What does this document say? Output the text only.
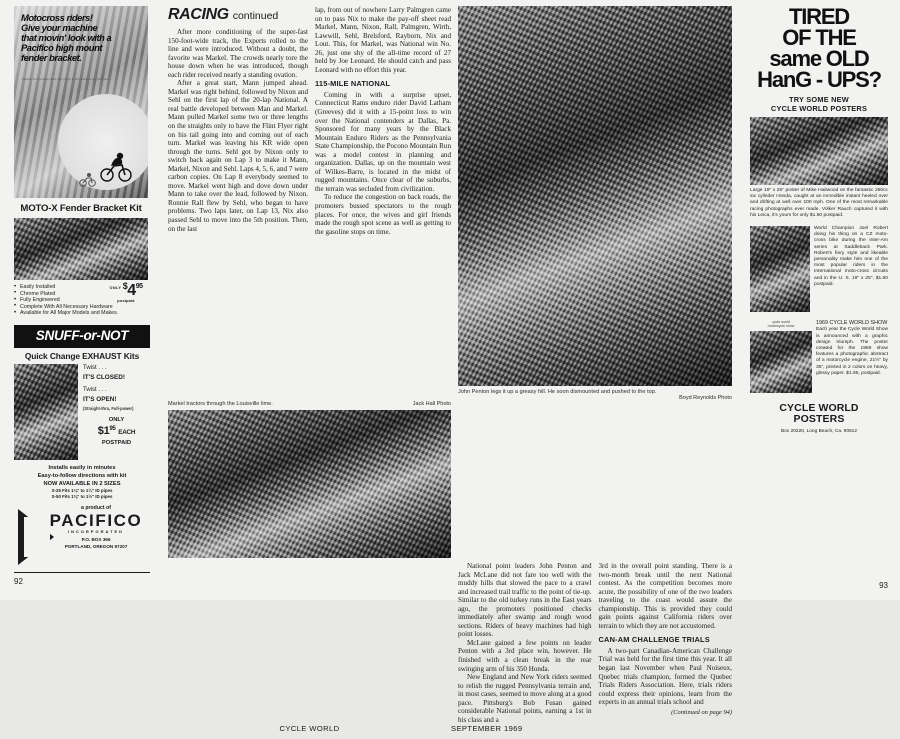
Motocross riders!
Give your machine
that movin' look with a
Pacifico high mount
fender bracket.
Pacifico Incorporated offers high mount fender brackets for motocross
MOTO-X Fender Bracket Kit
• Easily Installed
• Chrome Plated
• Fully Engineered
• Complete With All Necessary Hardware
• Available for All Major Models and Makes.
ONLY $^{\$}4^{95}$
postpaid
SNUFF-or-NOT
Quick Change EXHAUST Kits
Twist . . .
IT'S CLOSED!
Twist . . .
IT'S OPEN!
(Straight-thru, Full-power)
ONLY
$\$1^{95}$ EACH
POSTPAID
Installs easily in minutes
Easy-to-follow directions with kit
NOW AVAILABLE IN 2 SIZES
S-25 Fits 1⅛" to 1¼" ID pipes
S-50 Fits 1⅜" to 1½" ID pipes
a product of
PACIFICO
INCORPORATED
P.O. BOX 366
PORTLAND, OREGON 97207
92
RACING continued

After more conditioning of the super-fast 150-foot-wide track, the Experts rolled to the line and were introduced. Without a doubt, the favorite was Markel. The crowds nearly tore the house down when he was introduced, though each rider received nearly a standing ovation.

After a great start, Mann jumped ahead. Markel was right behind, followed by Nixon and Sehl on the first lap of the 20-lap National. A real battle developed between Man and Markel. Mann pulled Markel some two or three lengths on the straights only to have the Flint Flyer right on his tail going into and coming out of each turn. Markel was leaving his KR wide open through the turns. Sehl got by Nixon only to switch back again on Lap 3 to make it Mann, Markel, Nixon and Sehl. Laps 4, 5, 6, and 7 were carbon copies. On Lap 8 everybody seemed to move. Markel went high and dove down under Mann to take over the lead, followed by Nixon. Ronnie Rall flew by Sehl, who began to have problems. Two laps later, on Lap 13, Nix also passed Sehl to move into the 5th position. Then, on the last

lap, from out of nowhere Larry Palmgren came on to pass Nix to make the pay-off sheet read Markel, Mann, Nixon, Rall, Palmgren, Wirth, Lawwill, Sehl, Brelsford, Rayborn, Nix and Lout. This, for Markel, was National win No. 26, just one shy of the all-time record of 27 held by Joe Leonard. He should catch and pass Leonard with no effort this year.

115-MILE NATIONAL

Coming in with a surprise upset, Connecticut Rams enduro rider David Latham (Greeves) did it with a 15-point loss to win over the National contenders at Dallas, Pa. Sponsored for many years by the Black Mountain Enduro Riders as the Pennsylvania State Championship, the Pocono Mountain Run was a model contest in planning and organization. Dallas, up on the mountain west of Wilkes-Barre, is located in the midst of rugged mountains. Once clear of the suburbs, the terrain was secluded from civilization.

To reduce the congestion on back roads, the promoters bussed spectators to the rough places. For once, the wives and girl friends made the rough spot scene as well as getting to the gasoline stops on time.

John Penton legs it up a greasy hill. He soon dismounted and pushed to the top.
Boyd Reynolds Photo
Markel tractors through the Louisville lime.	Jack Hall Photo

National point leaders John Penton and Jack McLane did not fare too well with the muddy hills that slowed the pace to a crawl and increased trail traffic to the point of tie-up. Similar to the old turkey runs in the East years ago, the promoters positioned checks immediately after swamp and rough wood sections. Riders of heavy machines had high point losses.

McLane gained a few points on leader Penton with a 3rd place win, however. He finished with a clean break in the rear swinging arm of his 350 Honda.

New England and New York riders seemed to relish the rugged Pennsylvania terrain and, in most cases, seemed to move along at a good pace. Pittsburg's Bob Fusan gained considerable National points, earning a 1st in his class and a

3rd in the overall point standing. There is a two-month break until the next National contest. As the competition becomes more acute, the possibility of one of the two leaders traveling to the coast would assure the championship. This is provided they could gain points against California riders over terrain to which they are not accustomed.

CAN-AM CHALLENGE TRIALS

A two-part Canadian-American Challenge Trial was held for the first time this year. It all began last November when Paul Noiseux, Quebec trials champion, formed the Quebec Trials Riders Association. Here, trials riders could express their opinions, learn from the experts in an annual trials school and

(Continued on page 94)
CYCLE WORLD	SEPTEMBER 1969
TIRED
OF THE
same OLD
HanG - UPS?
TRY SOME NEW
CYCLE WORLD POSTERS
Large 19" x 25" poster of Mike Hailwood on the fantastic 250cc six cylinder Honda, caught at an incredible instant heeled over and drifting at well over 100 mph. One of the most remarkable racing photographs ever made. Volker Rauch captured it with his Leica, it's yours for only $1.50 postpaid.
World Champion Joel Robert doing his thing on a CZ moto-cross bike during the Inter-Am series at Saddleback Park. Robert's fiery style and likeable personality make him one of the most popular riders in the International moto-cross circuits and in the U. S. 19" x 25", $1.50 postpaid.
cycle world
motorcycle show
1969 CYCLE WORLD SHOW
Each year the Cycle World Show is announced with a graphic design triumph. The poster created for the 1969 show features a photographic abstract of a motorcycle engine, 21½" by 35", printed in 2 colors on heavy, glossy paper. $1.95, postpaid.
CYCLE WORLD
POSTERS
Box 20220, Long Beach, Ca. 90812
93
